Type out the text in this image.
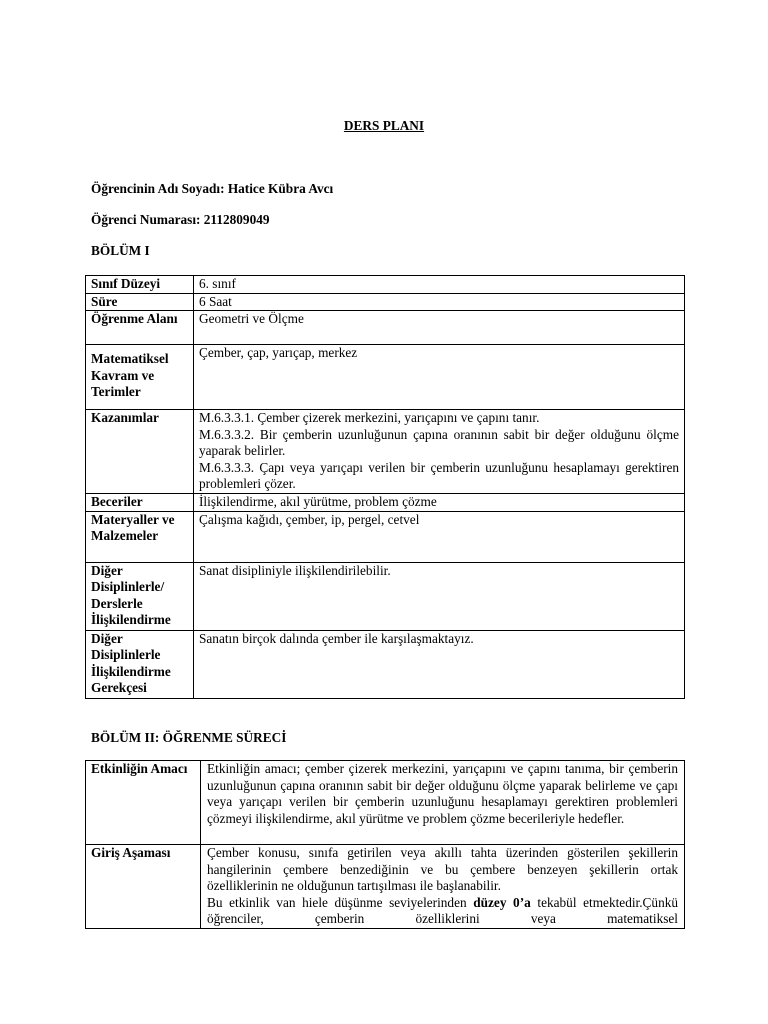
DERS PLANI
Öğrencinin Adı Soyadı: Hatice Kübra Avcı
Öğrenci Numarası: 2112809049
BÖLÜM I
Sınıf Düzeyi	6. sınıf
Süre	6 Saat
Öğrenme Alanı	Geometri ve Ölçme
Matematiksel Kavram ve Terimler	Çember, çap, yarıçap, merkez
Kazanımlar	M.6.3.3.1. Çember çizerek merkezini, yarıçapını ve çapını tanır.
M.6.3.3.2. Bir çemberin uzunluğunun çapına oranının sabit bir değer olduğunu ölçme yaparak belirler.
M.6.3.3.3. Çapı veya yarıçapı verilen bir çemberin uzunluğunu hesaplamayı gerektiren problemleri çözer.

Beceriler	İlişkilendirme, akıl yürütme, problem çözme
Materyaller ve Malzemeler	Çalışma kağıdı, çember, ip, pergel, cetvel
Diğer Disiplinlerle/ Derslerle İlişkilendirme	Sanat disipliniyle ilişkilendirilebilir.
Diğer Disiplinlerle İlişkilendirme Gerekçesi	Sanatın birçok dalında çember ile karşılaşmaktayız.
BÖLÜM II: ÖĞRENME SÜRECİ
Etkinliğin Amacı	Etkinliğin amacı; çember çizerek merkezini, yarıçapını ve çapını tanıma, bir çemberin uzunluğunun çapına oranının sabit bir değer olduğunu ölçme yaparak belirleme ve çapı veya yarıçapı verilen bir çemberin uzunluğunu hesaplamayı gerektiren problemleri çözmeyi ilişkilendirme, akıl yürütme ve problem çözme becerileriyle hedefler.
Giriş Aşaması	Çember konusu, sınıfa getirilen veya akıllı tahta üzerinden gösterilen şekillerin hangilerinin çembere benzediğinin ve bu çembere benzeyen şekillerin ortak özelliklerinin ne olduğunun tartışılması ile başlanabilir.
Bu etkinlik van hiele düşünme seviyelerinden düzey 0’a tekabül etmektedir.Çünkü öğrenciler, çemberin özelliklerini veya matematiksel
